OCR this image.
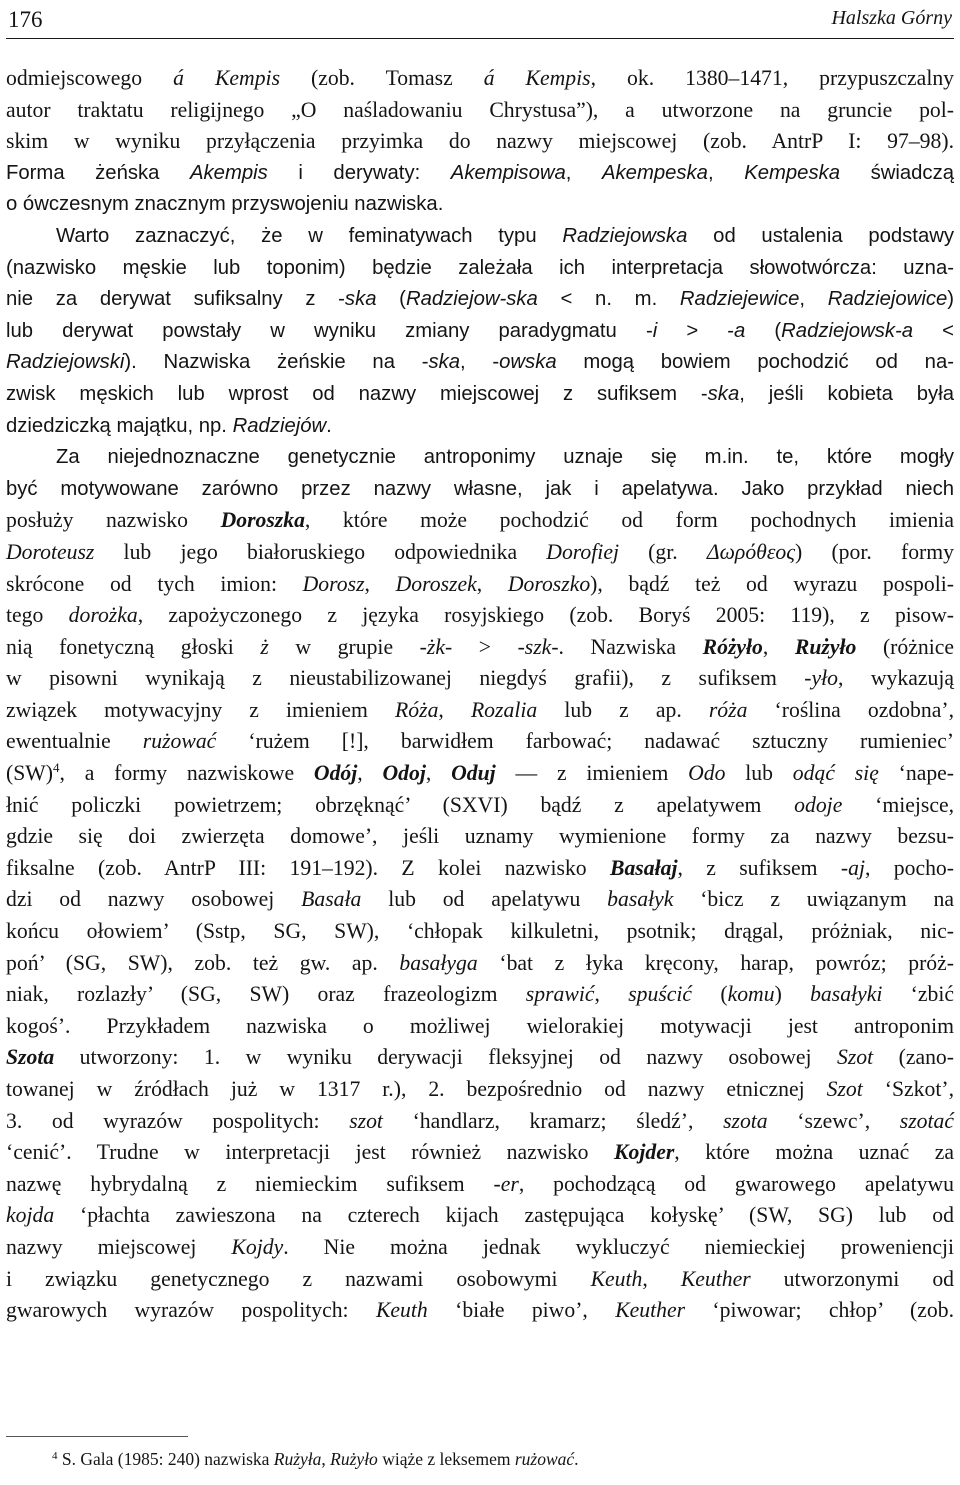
176	Halszka Górny
odmiejscowego á Kempis (zob. Tomasz á Kempis, ok. 1380–1471, przypuszczalny
autor traktatu religijnego „O naśladowaniu Chrystusa”), a utworzone na gruncie pol-
skim w wyniku przyłączenia przyimka do nazwy miejscowej (zob. AntrP I: 97–98).
Forma żeńska Akempis i derywaty: Akempisowa, Akempeska, Kempeska świadczą
o ówczesnym znacznym przyswojeniu nazwiska.
Warto zaznaczyć, że w feminatywach typu Radziejowska od ustalenia podstawy
(nazwisko męskie lub toponim) będzie zależała ich interpretacja słowotwórcza: uzna-
nie za derywat sufiksalny z -ska (Radziejow-ska < n. m. Radziejewice, Radziejowice)
lub derywat powstały w wyniku zmiany paradygmatu -i > -a (Radziejowsk-a <
Radziejowski). Nazwiska żeńskie na -ska, -owska mogą bowiem pochodzić od na-
zwisk męskich lub wprost od nazwy miejscowej z sufiksem -ska, jeśli kobieta była
dziedziczką majątku, np. Radziejów.
Za niejednoznaczne genetycznie antroponimy uznaje się m.in. te, które mogły
być motywowane zarówno przez nazwy własne, jak i apelatywa. Jako przykład niech
posłuży nazwisko Doroszka, które może pochodzić od form pochodnych imienia
Doroteusz lub jego białoruskiego odpowiednika Dorofiej (gr. Δωρόθεος) (por. formy
skrócone od tych imion: Dorosz, Doroszek, Doroszko), bądź też od wyrazu pospoli-
tego dorożka, zapożyczonego z języka rosyjskiego (zob. Boryś 2005: 119), z pisow-
nią fonetyczną głoski ż w grupie -żk- > -szk-. Nazwiska Różyło, Rużyło (różnice
w pisowni wynikają z nieustabilizowanej niegdyś grafii), z sufiksem -yło, wykazują
związek motywacyjny z imieniem Róża, Rozalia lub z ap. róża ‘roślina ozdobna’,
ewentualnie rużować ‘rużem [!], barwidłem farbować; nadawać sztuczny rumieniec’
(SW)$^4$, a formy nazwiskowe Odój, Odoj, Oduj — z imieniem Odo lub odąć się ‘nape-
łnić policzki powietrzem; obrzęknąć’ (SXVI) bądź z apelatywem odoje ‘miejsce,
gdzie się doi zwierzęta domowe’, jeśli uznamy wymienione formy za nazwy bezsu-
fiksalne (zob. AntrP III: 191–192). Z kolei nazwisko Basałaj, z sufiksem -aj, pocho-
dzi od nazwy osobowej Basała lub od apelatywu basałyk ‘bicz z uwiązanym na
końcu ołowiem’ (Sstp, SG, SW), ‘chłopak kilkuletni, psotnik; drągal, próżniak, nic-
poń’ (SG, SW), zob. też gw. ap. basałyga ‘bat z łyka kręcony, harap, powróz; próż-
niak, rozlazły’ (SG, SW) oraz frazeologizm sprawić, spuścić (komu) basałyki ‘zbić
kogoś’. Przykładem nazwiska o możliwej wielorakiej motywacji jest antroponim
Szota utworzony: 1. w wyniku derywacji fleksyjnej od nazwy osobowej Szot (zano-
towanej w źródłach już w 1317 r.), 2. bezpośrednio od nazwy etnicznej Szot ‘Szkot’,
3. od wyrazów pospolitych: szot ‘handlarz, kramarz; śledź’, szota ‘szewc’, szotać
‘cenić’. Trudne w interpretacji jest również nazwisko Kojder, które można uznać za
nazwę hybrydalną z niemieckim sufiksem -er, pochodzącą od gwarowego apelatywu
kojda ‘płachta zawieszona na czterech kijach zastępująca kołyskę’ (SW, SG) lub od
nazwy miejscowej Kojdy. Nie można jednak wykluczyć niemieckiej proweniencji
i związku genetycznego z nazwami osobowymi Keuth, Keuther utworzonymi od
gwarowych wyrazów pospolitych: Keuth ‘białe piwo’, Keuther ‘piwowar; chłop’ (zob.
$^4$ S. Gala (1985: 240) nazwiska Rużyła, Rużyło wiąże z leksemem rużować.
